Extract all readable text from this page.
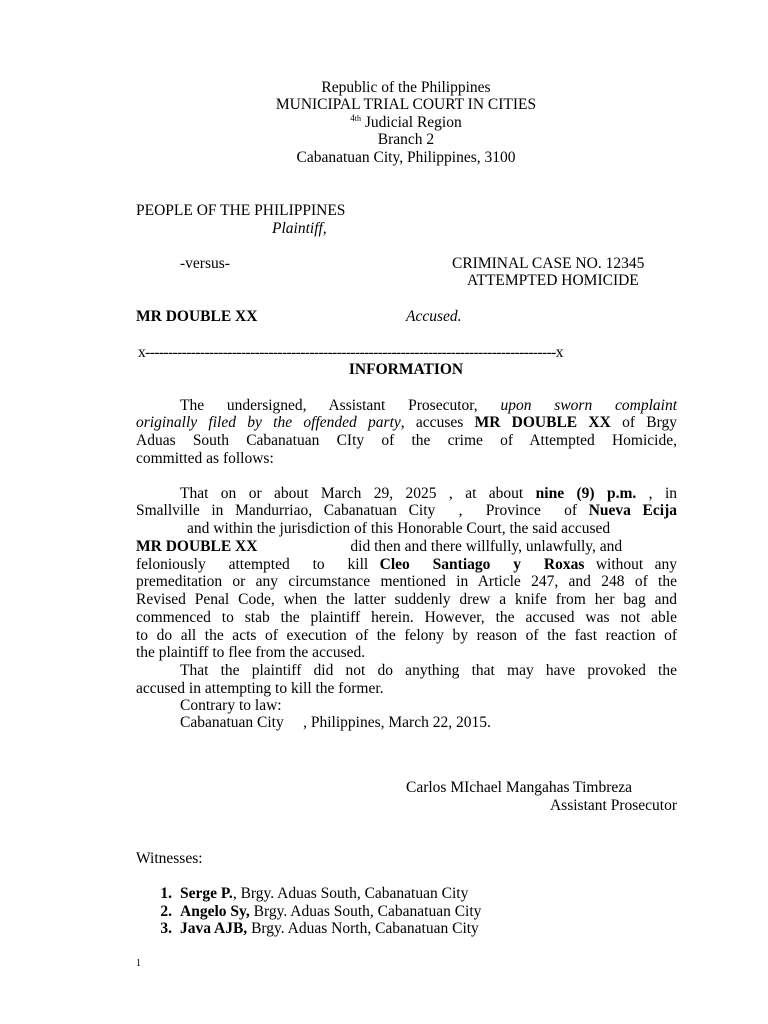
Republic of the Philippines
MUNICIPAL TRIAL COURT IN CITIES
$^{4th}$ Judicial Region
Branch 2
Cabanatuan City, Philippines, 3100
PEOPLE OF THE PHILIPPINES
Plaintiff,
-versus-	CRIMINAL CASE NO. 12345
ATTEMPTED HOMICIDE
MR DOUBLE XX	Accused.
x------------------------------------------------------------------------------------------x
INFORMATION
The undersigned, Assistant Prosecutor, upon sworn complaint
originally filed by the offended party, accuses MR DOUBLE XX of Brgy
Aduas South Cabanatuan CIty of the crime of Attempted Homicide,
committed as follows:
That on or about March 29, 2025 , at about nine (9) p.m. , in
Smallville in Mandurriao, Cabanatuan City  ,  Province  of Nueva Ecija
and within the jurisdiction of this Honorable Court, the said accused
MR DOUBLE XX	did then and there willfully, unlawfully, and
feloniously  attempted  to  kill Cleo  Santiago  y  Roxas without any
premeditation or any circumstance mentioned in Article 247, and 248 of the
Revised Penal Code, when the latter suddenly drew a knife from her bag and
commenced to stab the plaintiff herein. However, the accused was not able
to do all the acts of execution of the felony by reason of the fast reaction of
the plaintiff to flee from the accused.
That the plaintiff did not do anything that may have provoked the
accused in attempting to kill the former.
Contrary to law:
Cabanatuan City     , Philippines, March 22, 2015.
Carlos MIchael Mangahas Timbreza
Assistant Prosecutor
Witnesses:
1. Serge P., Brgy. Aduas South, Cabanatuan City
2. Angelo Sy, Brgy. Aduas South, Cabanatuan City
3. Java AJB, Brgy. Aduas North, Cabanatuan City
1
